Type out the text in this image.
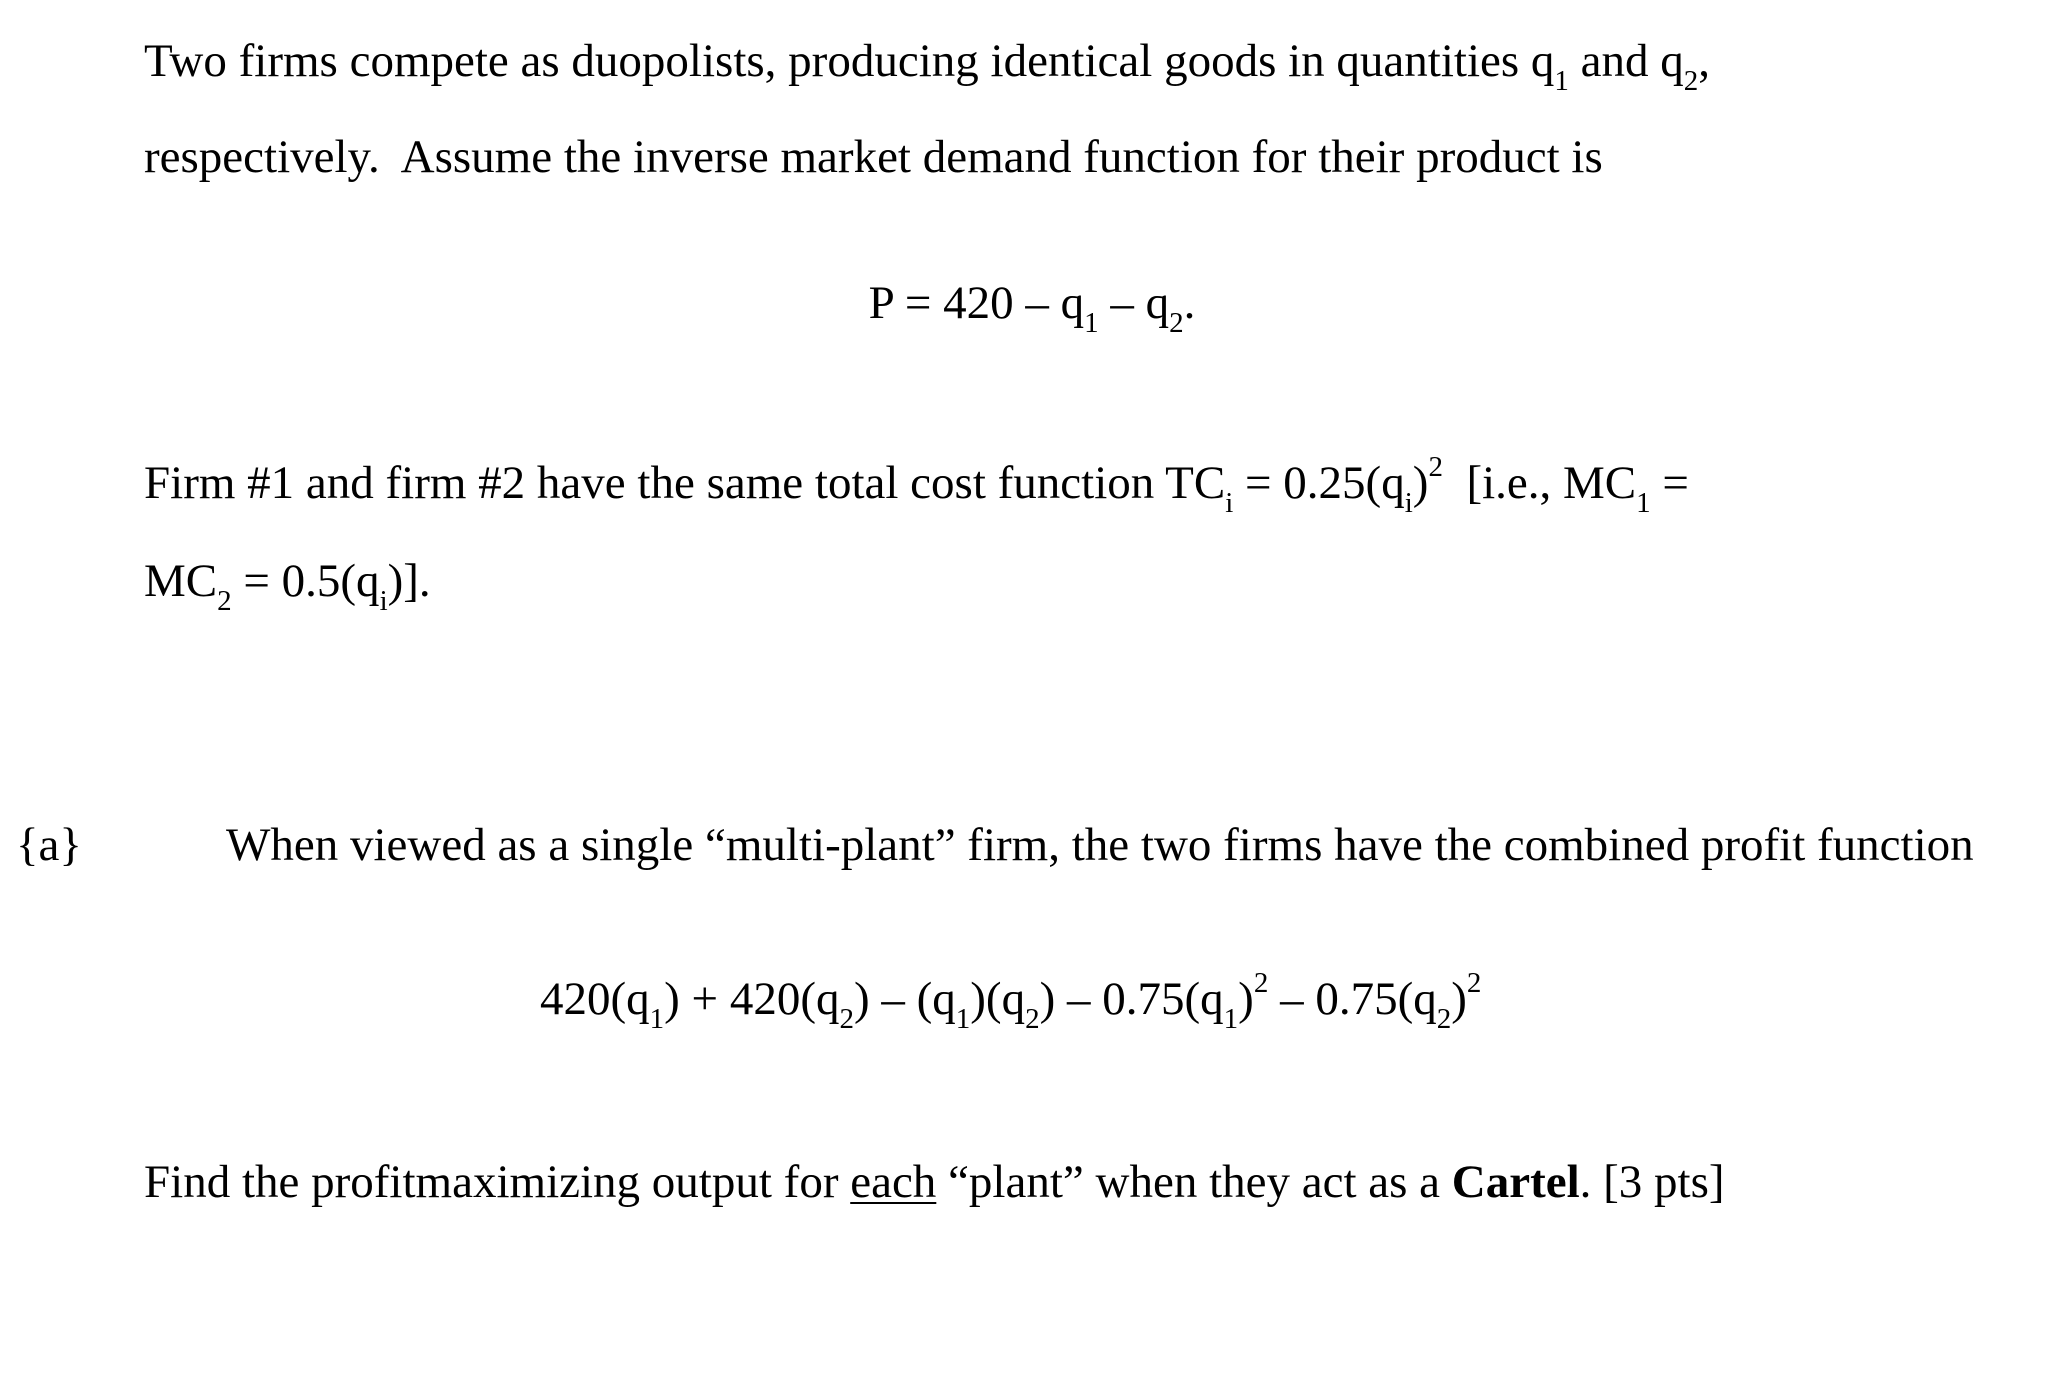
Two firms compete as duopolists, producing identical goods in quantities $q_1$ and $q_2$,
respectively.  Assume the inverse market demand function for their product is
$P = 420 - q_1 - q_2$.
Firm #1 and firm #2 have the same total cost function $TC_i = 0.25(q_i)^2$  [i.e., $MC_1$ =
$MC_2 = 0.5(q_i)$].
{a}	When viewed as a single “multi-plant” firm, the two firms have the combined profit function
$420(q_1) + 420(q_2) - (q_1)(q_2) - 0.75(q_1)^2 - 0.75(q_2)^2$
Find the profitmaximizing output for each “plant” when they act as a Cartel. [3 pts]
